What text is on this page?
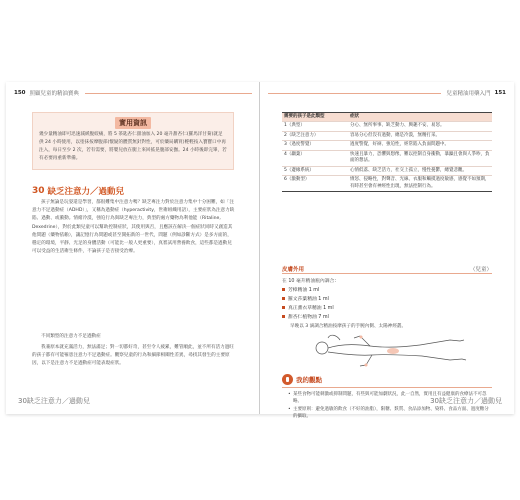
150 照顧兒童的精油寶典
實用資訊
幾少量精油即可迅速減緩腹絞痛，將 5 茶匙杏仁甜油加入 20 毫升甜杏仁(羅馬洋甘菊)就足供 24 小時使用，以塗抹按摩腹部(懷疑的體質無針對性，可於藥局購買)輕輕按入寶寶口中再注入，每日至少 2 次，若有需要，將嬰兒放在腿上來回搖晃腹部安撫。24 小時後即完畢，若有必要再重新準備。
30 缺乏注意力／過動兒
孩子無論是玩耍還是學習，都很難集中注意力嗎？缺乏專注力對於注意力集中十分困難，如「注意力不足過動症（ADHD）」，又稱為過動症（hyperactivity，世衛組織用語），主要症狀為注意力缺陷、過動、或衝動。情緒冷漠，強迫行為與缺乏專注力，典型的處方藥物為利他能（Ritaline, Dexedrine），對於此類兒童可以幫助控制症狀，其使用與否，且應該在解決一個症狀同時又創造其他問題（藥物依賴），讓記憶行為問題或甚至開拓新的一世代，問題（例如診斷方式）是多方面的，穩定的環境，平靜、光足的身體活動（可能比一般人更重要），真嘗試用營養飲食，這些都是過動兒可以受益的生活衛生條件，不論孩子是否接受治療。
不同類型的注意力不足過動症
我兼原本就充滿活力，無法滿足；對一切都好奇，甚至令人疲累，難管順此，並不所有活力過旺的孩子都有可能罹患注意力不足過動症。觀察兒童的行為和細節相關性差異，尋找其發生的主要原因，以下是注意力不足過動症可能表現症狀。
30缺乏注意力／過動兒
兒童精油用藥入門 151
需要的孩子是此類型	症狀
1（典型）	分心、無所事事、缺乏動力、興趣不安、易怒。
2（缺乏注意力）	容易分心但沒有過動，總是冷漠，無精打采。
3（過度警覺）	過度警覺，好辯、強迫性，經常陷入負面問題中。
4（顳葉）	快速且暴力，恐懼與想像，難以控制自身衝動，暴躁且會與人爭吵，負面的想法。
5（邊緣系統）	心情低落、缺乏活力，社交上孤立，慢性憂鬱，總覺悲觀。
6（激動型）	憤怒、侵略性，對聲音、光線、衣服和觸摸過度敏感，感覺不如預期，有時甚至會有神經性出現，無法控制行為。
皮膚外用	（兒童）
在 10 毫升精油瓶內調合：
芳樟精油 1 ml
羅文莎葉精油 1 ml
真正薰衣草精油 1 ml
甜杏仁植物油 7 ml
早晚以 3 滴調合精油按摩孩子的手腕內側、太陽神經叢。
我的觀點
• 某些食物可能刺激或抑制問題，有些與可能加劇狀況，此一自然，實用且有益健康的食療法不可忽略。
• 主要原則：避免過敏的飲食（不好的油脂），限糖、麩質、食品添加物、染料、食品方面、過度糖分的攝取。
30缺乏注意力／過動兒
